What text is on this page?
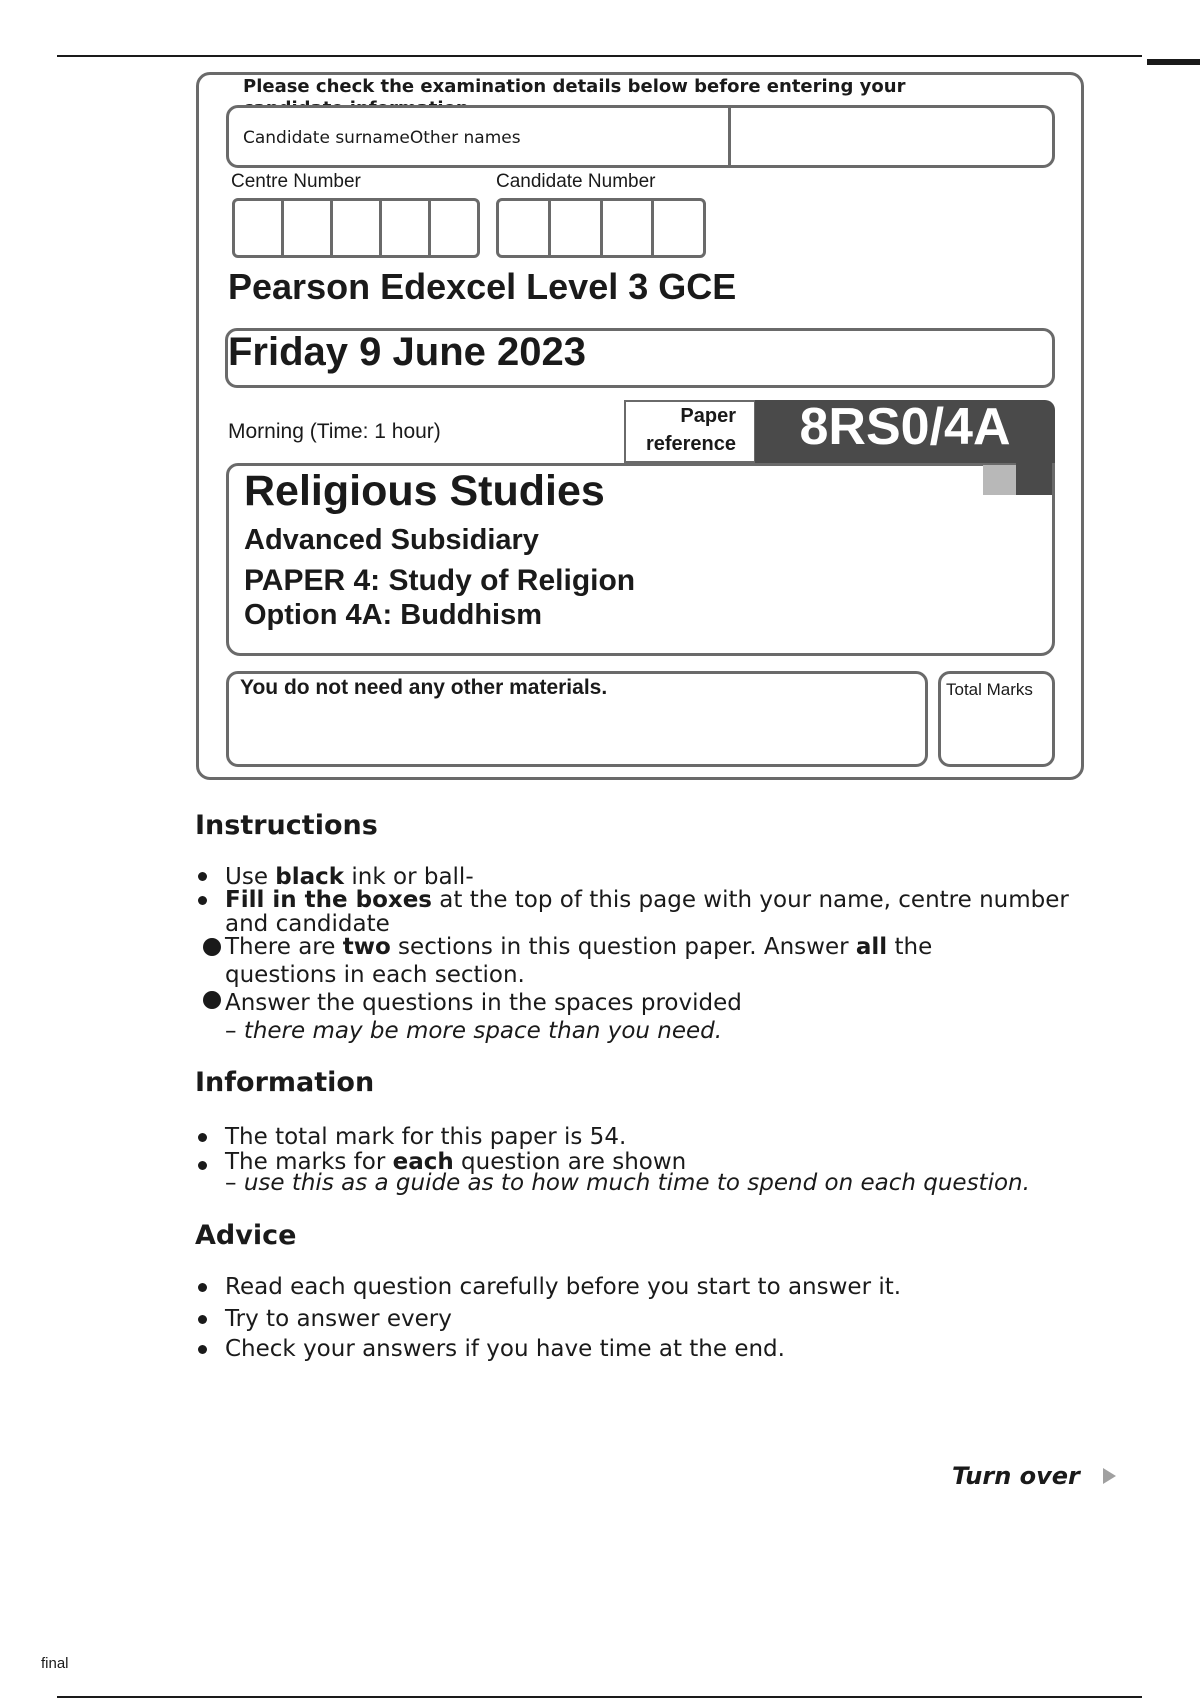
Please check the examination details below before entering your
Candidate surnameOther names
Centre Number	Candidate Number
Pearson Edexcel Level 3 GCE
Friday 9 June 2023
Morning (Time: 1 hour)
Paper
reference	8RS0/4A
Religious Studies
Advanced Subsidiary
PAPER 4: Study of Religion
Option 4A: Buddhism
You do not need any other materials.	Total Marks
Instructions
Use black ink or ball-
Fill in the boxes at the top of this page with your name, centre number
and candidate
There are two sections in this question paper. Answer all the
questions in each section.
Answer the questions in the spaces provided
– there may be more space than you need.
Information
The total mark for this paper is 54.
The marks for each question are shown
– use this as a guide as to how much time to spend on each question.
Advice
Read each question carefully before you start to answer it.
Try to answer every
Check your answers if you have time at the end.
Turn over
final
